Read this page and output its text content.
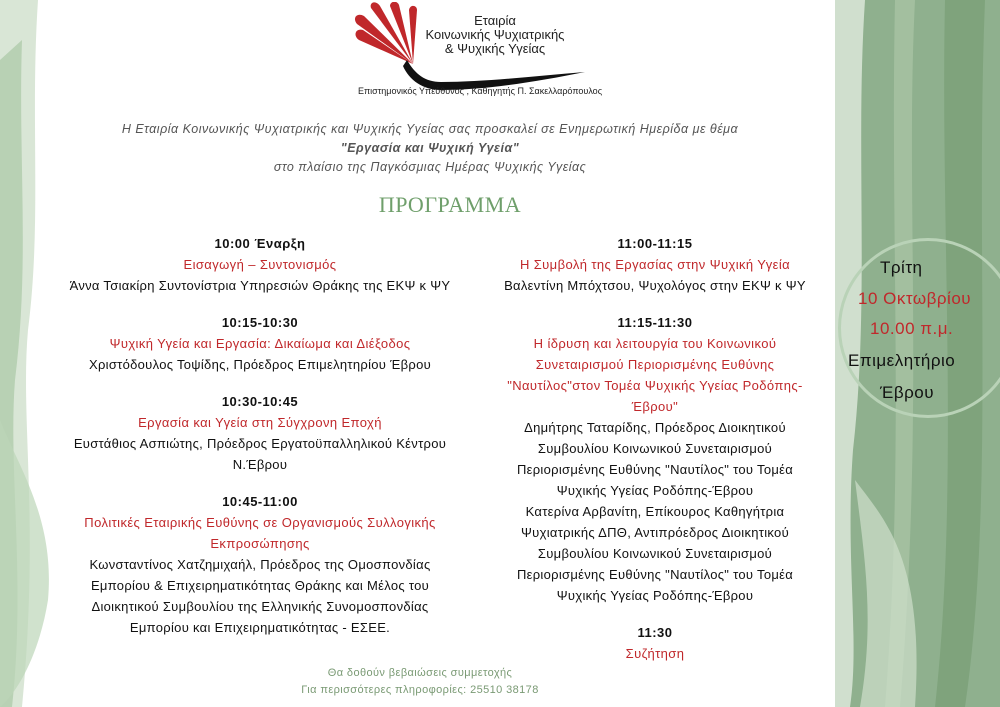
Εταιρία
Κοινωνικής Ψυχιατρικής
& Ψυχικής Υγείας
Επιστημονικός Υπεύθυνος , Καθηγητής Π. Σακελλαρόπουλος
Η Εταιρία Κοινωνικής Ψυχιατρικής και Ψυχικής Υγείας σας προσκαλεί σε Ενημερωτική Ημερίδα με θέμα
"Εργασία και Ψυχική Υγεία"
στο πλαίσιο της Παγκόσμιας Ημέρας Ψυχικής Υγείας
ΠΡΟΓΡΑΜΜΑ
10:00 Έναρξη
Εισαγωγή – Συντονισμός
Άννα Τσιακίρη Συντονίστρια Υπηρεσιών Θράκης της ΕΚΨ κ ΨΥ
10:15-10:30
Ψυχική Υγεία και Εργασία: Δικαίωμα και Διέξοδος
Χριστόδουλος Τοψίδης, Πρόεδρος Επιμελητηρίου Έβρου
10:30-10:45
Εργασία και Υγεία στη Σύγχρονη Εποχή
Ευστάθιος Ασπιώτης, Πρόεδρος Εργατοϋπαλληλικού Κέντρου
Ν.Έβρου
10:45-11:00
Πολιτικές Εταιρικής Ευθύνης σε Οργανισμούς Συλλογικής
Εκπροσώπησης
Κωνσταντίνος Χατζημιχαήλ, Πρόεδρος της Ομοσπονδίας
Εμπορίου & Επιχειρηματικότητας Θράκης και Μέλος του
Διοικητικού Συμβουλίου της Ελληνικής Συνομοσπονδίας
Εμπορίου και Επιχειρηματικότητας - ΕΣΕΕ.
11:00-11:15
Η Συμβολή της Εργασίας στην Ψυχική Υγεία
Βαλεντίνη Μπόχτσου, Ψυχολόγος στην ΕΚΨ κ ΨΥ
11:15-11:30
Η ίδρυση και λειτουργία του Κοινωνικού
Συνεταιρισμού Περιορισμένης Ευθύνης
"Ναυτίλος"στον Τομέα Ψυχικής Υγείας Ροδόπης-
Έβρου"
Δημήτρης Ταταρίδης, Πρόεδρος Διοικητικού
Συμβουλίου Κοινωνικού Συνεταιρισμού
Περιορισμένης Ευθύνης "Ναυτίλος" του Τομέα
Ψυχικής Υγείας Ροδόπης-Έβρου
Κατερίνα Αρβανίτη, Επίκουρος Καθηγήτρια
Ψυχιατρικής ΔΠΘ, Αντιπρόεδρος Διοικητικού
Συμβουλίου Κοινωνικού Συνεταιρισμού
Περιορισμένης Ευθύνης "Ναυτίλος" του Τομέα
Ψυχικής Υγείας Ροδόπης-Έβρου
11:30
Συζήτηση
Τρίτη
10 Οκτωβρίου
10.00 π.μ.
Επιμελητήριο
Έβρου
Θα δοθούν βεβαιώσεις συμμετοχής
Για περισσότερες πληροφορίες: 25510 38178
